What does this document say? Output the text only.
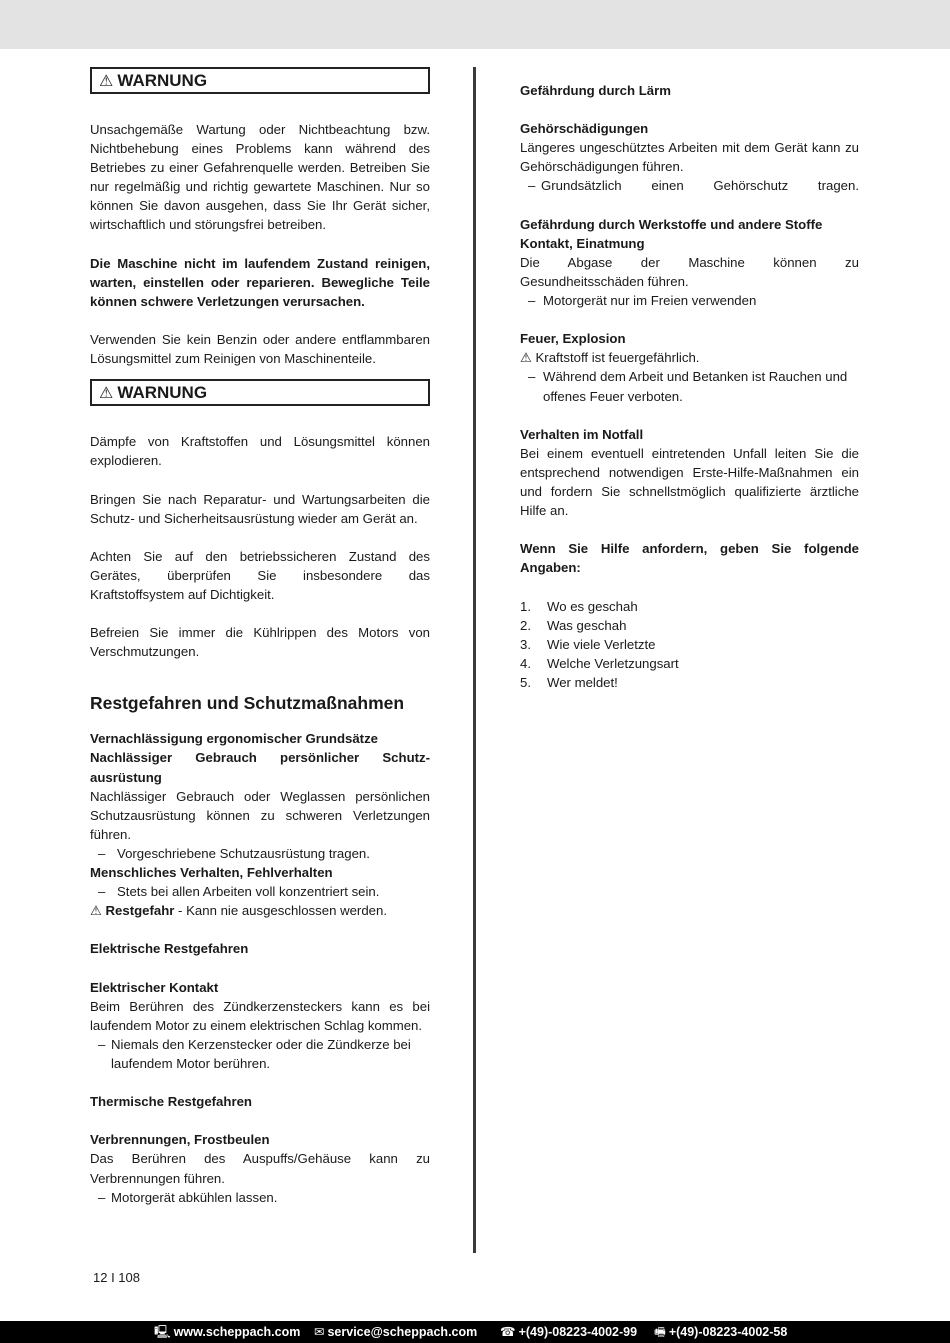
⚠ WARNUNG

Unsachgemäße Wartung oder Nichtbeachtung bzw. Nichtbehebung eines Problems kann während des Betriebes zu einer Gefahrenquelle werden. Betreiben Sie nur regelmäßig und richtig gewartete Maschinen. Nur so können Sie davon ausgehen, dass Sie Ihr Gerät sicher, wirtschaftlich und störungsfrei betreiben.

Die Maschine nicht im laufendem Zustand reinigen, warten, einstellen oder reparieren. Bewegliche Teile können schwere Verletzungen verursachen.

Verwenden Sie kein Benzin oder andere entflammbaren Lösungsmittel zum Reinigen von Maschinenteile.

⚠ WARNUNG

Dämpfe von Kraftstoffen und Lösungsmittel können explodieren.

Bringen Sie nach Reparatur- und Wartungsarbeiten die Schutz- und Sicherheitsausrüstung wieder am Gerät an.

Achten Sie auf den betriebssicheren Zustand des Gerätes, überprüfen Sie insbesondere das Kraftstoffsystem auf Dichtigkeit.

Befreien Sie immer die Kühlrippen des Motors von Verschmutzungen.

Restgefahren und Schutzmaßnahmen

Vernachlässigung ergonomischer Grundsätze

Nachlässiger Gebrauch persönlicher Schutz-ausrüstung

Nachlässiger Gebrauch oder Weglassen persönlichen Schutzausrüstung können zu schweren Verletzungen führen.

– Vorgeschriebene Schutzausrüstung tragen.

Menschliches Verhalten, Fehlverhalten

– Stets bei allen Arbeiten voll konzentriert sein.

⚠ Restgefahr - Kann nie ausgeschlossen werden.

Elektrische Restgefahren

Elektrischer Kontakt

Beim Berühren des Zündkerzensteckers kann es bei laufendem Motor zu einem elektrischen Schlag kommen.

– Niemals den Kerzenstecker oder die Zündkerze bei laufendem Motor berühren.

Thermische Restgefahren

Verbrennungen, Frostbeulen

Das Berühren des Auspuffs/Gehäuse kann zu Verbrennungen führen.

– Motorgerät abkühlen lassen.

Gefährdung durch Lärm

Gehörschädigungen

Längeres ungeschütztes Arbeiten mit dem Gerät kann zu Gehörschädigungen führen.

– Grundsätzlich einen Gehörschutz tragen.

Gefährdung durch Werkstoffe und andere Stoffe

Kontakt, Einatmung

Die Abgase der Maschine können zu Gesundheitsschäden führen.

– Motorgerät nur im Freien verwenden

Feuer, Explosion

⚠ Kraftstoff ist feuergefährlich.

– Während dem Arbeit und Betanken ist Rauchen und offenes Feuer verboten.

Verhalten im Notfall

Bei einem eventuell eintretenden Unfall leiten Sie die entsprechend notwendigen Erste-Hilfe-Maßnahmen ein und fordern Sie schnellstmöglich qualifizierte ärztliche Hilfe an.

Wenn Sie Hilfe anfordern, geben Sie folgende Angaben:

1.	Wo es geschah
2.	Was geschah
3.	Wie viele Verletzte
4.	Welche Verletzungsart
5.	Wer meldet!
12 I 108
🖳 www.scheppach.com ✉ service@scheppach.com ☎ +(49)-08223-4002-99 🖷 +(49)-08223-4002-58
